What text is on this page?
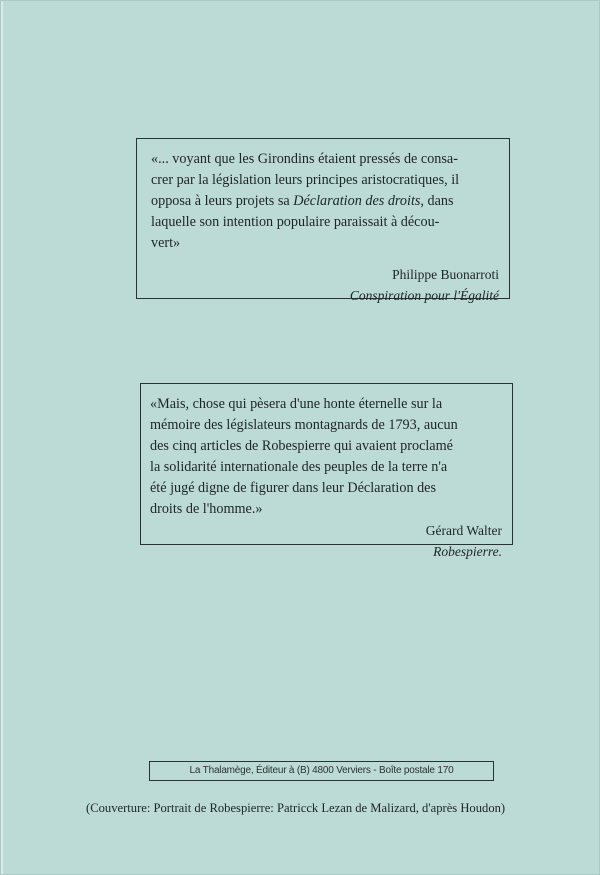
«... voyant que les Girondins étaient pressés de consa-
crer par la législation leurs principes aristocratiques, il
opposa à leurs projets sa Déclaration des droits, dans
laquelle son intention populaire paraissait à décou-
vert»

Philippe Buonarroti
Conspiration pour l'Égalité

«Mais, chose qui pèsera d'une honte éternelle sur la
mémoire des législateurs montagnards de 1793, aucun
des cinq articles de Robespierre qui avaient proclamé
la solidarité internationale des peuples de la terre n'a
été jugé digne de figurer dans leur Déclaration des
droits de l'homme.»

Gérard Walter
Robespierre.
La Thalamège, Éditeur à (B) 4800 Verviers - Boîte postale 170
(Couverture: Portrait de Robespierre: Patricck Lezan de Malizard, d'après Houdon)
